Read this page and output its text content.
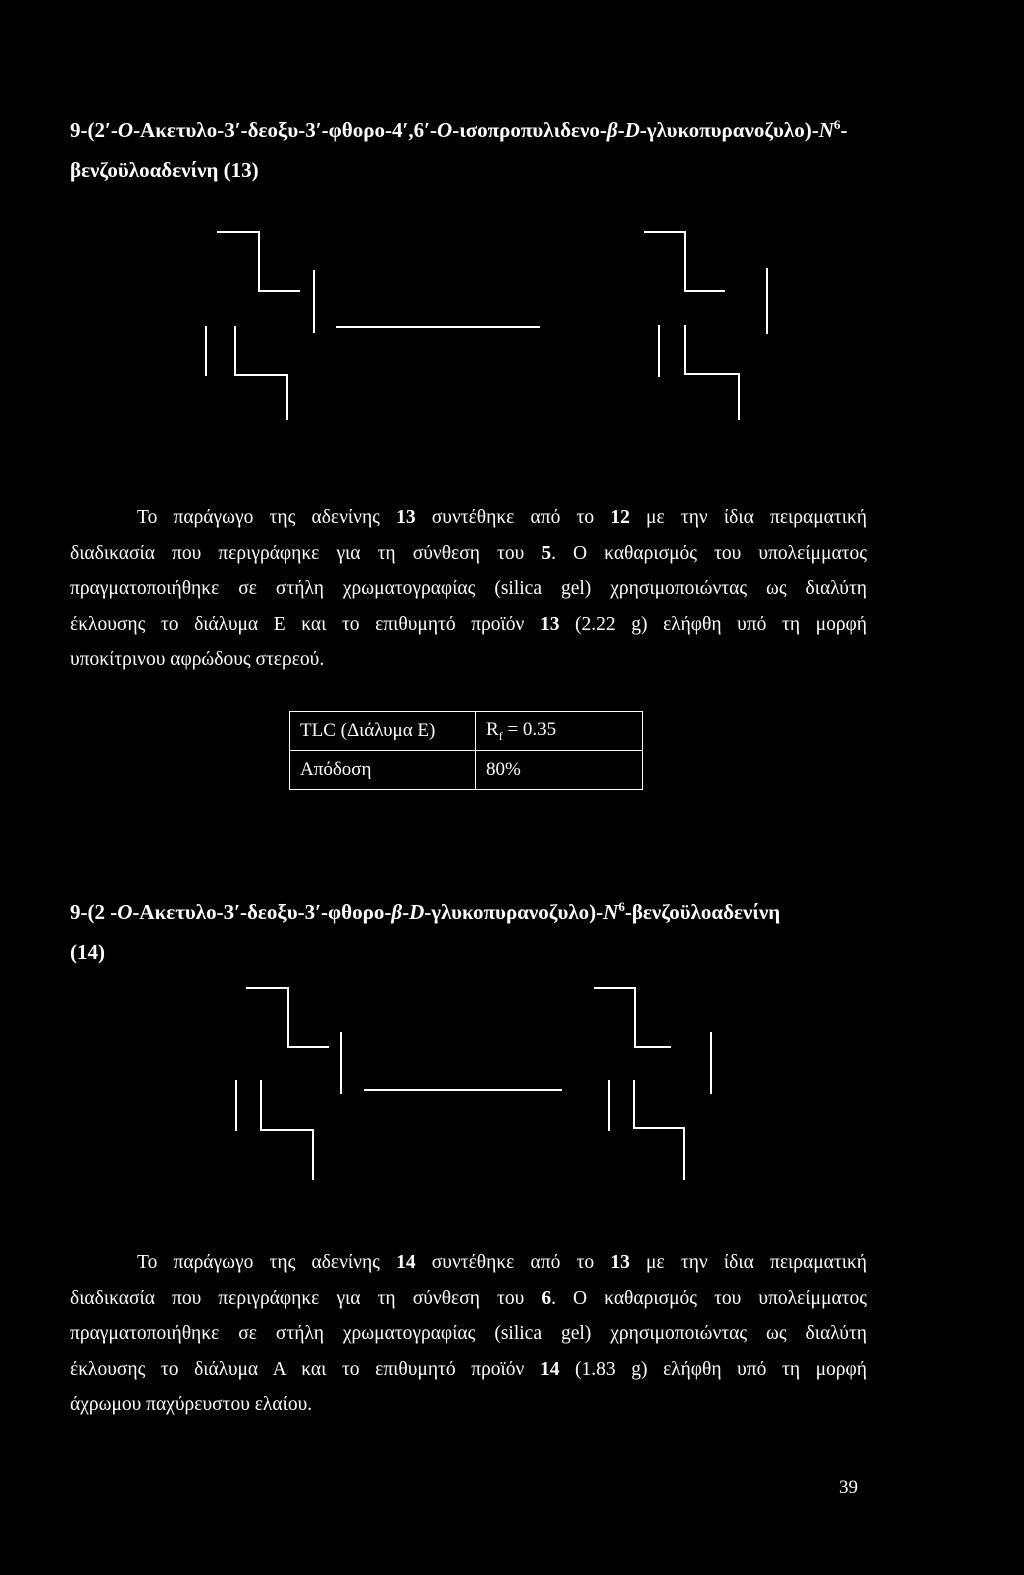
$9-(2'-O-A\kappa\varepsilon\tau\upsilon\lambda o-3'-\delta\varepsilon o\xi\upsilon-3'-\varphi\theta o\rho o-4',6'-O-\iota\sigma o\pi\rho o\pi\upsilon\lambda\iota\delta\varepsilon\nu o-\beta-D-\gamma\lambda\upsilon\kappa o\pi\upsilon\rho\alpha\nu o\zeta\upsilon\lambda o)-N^6-$
βενζοϋλοαδενίνη (13)
Το παράγωγο της αδενίνης 13 συντέθηκε από το 12 με την ίδια πειραματική
διαδικασία που περιγράφηκε για τη σύνθεση του 5. Ο καθαρισμός του υπολείμματος
πραγματοποιήθηκε σε στήλη χρωματογραφίας (silica gel) χρησιμοποιώντας ως διαλύτη
έκλουσης το διάλυμα Ε και το επιθυμητό προϊόν 13 (2.22 g) ελήφθη υπό τη μορφή
υποκίτρινου αφρώδους στερεού.
TLC (Διάλυμα Ε)	$R_f = 0.35$
Απόδοση	80%
9-(2 $-O-A\kappa\varepsilon\tau\upsilon\lambda o-3'-\delta\varepsilon o\xi\upsilon-3'-\varphi\theta o\rho o-\beta-D-\gamma\lambda\upsilon\kappa o\pi\upsilon\rho\alpha\nu o\zeta\upsilon\lambda o)-N^6$-βενζοϋλοαδενίνη
(14)
Το παράγωγο της αδενίνης 14 συντέθηκε από το 13 με την ίδια πειραματική
διαδικασία που περιγράφηκε για τη σύνθεση του 6. Ο καθαρισμός του υπολείμματος
πραγματοποιήθηκε σε στήλη χρωματογραφίας (silica gel) χρησιμοποιώντας ως διαλύτη
έκλουσης το διάλυμα Α και το επιθυμητό προϊόν 14 (1.83 g) ελήφθη υπό τη μορφή
άχρωμου παχύρευστου ελαίου.
39
